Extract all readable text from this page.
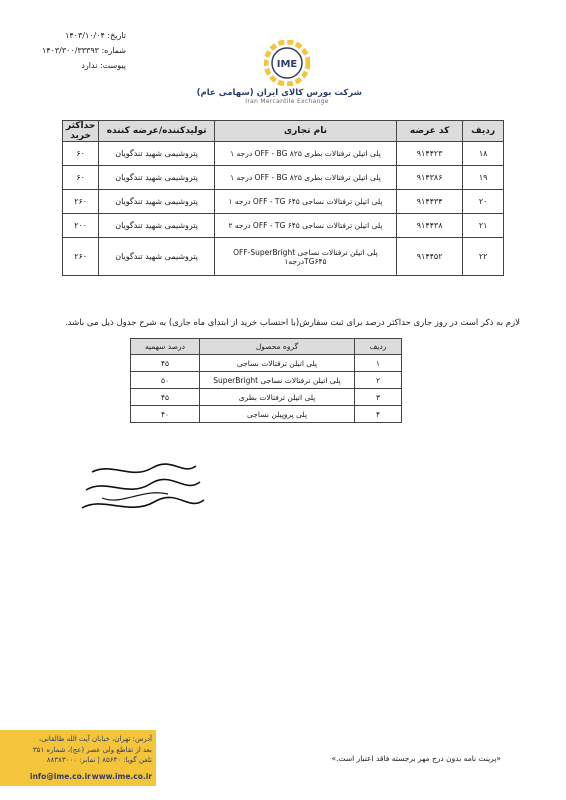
تاریخ: ۱۴۰۳/۱۰/۰۴
شماره: ۱۴۰۳/۳۰۰/۳۳۳۹۳
پیوست: ندارد	IME
شرکت بورس کالای ایران (سهامی عام)
Iran Mercantile Exchange
ردیف	کد عرضه	نام تجاری	تولیدکننده/عرضه کننده	حداکثر خرید
۱۸	۹۱۴۴۲۳	پلی اتیلن ترفتالات بطری OFF - BG ۸۲۵ درجه ۱	پتروشیمی شهید تندگویان	۶۰
۱۹	۹۱۴۳۸۶	پلی اتیلن ترفتالات بطری OFF - BG ۸۲۵ درجه ۱	پتروشیمی شهید تندگویان	۶۰
۲۰	۹۱۴۴۳۴	پلی اتیلن ترفتالات نساجی OFF - TG ۶۴۵ درجه ۱	پتروشیمی شهید تندگویان	۲۶۰
۲۱	۹۱۴۴۳۸	پلی اتیلن ترفتالات نساجی OFF - TG ۶۴۵ درجه ۲	پتروشیمی شهید تندگویان	۲۰۰
۲۲	۹۱۴۴۵۲	پلی اتیلن ترفتالات نساجی OFF-SuperBright TG۶۴۵درجه۱	پتروشیمی شهید تندگویان	۲۶۰
لازم به ذکر است در روز جاری حداکثر درصد برای ثبت سفارش(با احتساب خرید از ابتدای ماه جاری) به شرح جدول ذیل می باشد.
ردیف	گروه محصول	درصد سهمیه
۱	پلی اتیلن ترفتالات نساجی	۴۵
۲	پلی اتیلن ترفتالات نساجی SuperBright	۵۰
۳	پلی اتیلن ترفتالات بطری	۴۵
۴	پلی پروپیلن نساجی	۴۰
«پرینت نامه بدون درج مهر برجسته فاقد اعتبار است.»
آدرس: تهران، خیابان آیت الله طالقانی،
بعد از تقاطع ولی عصر (عج)، شماره ۳۵۱
تلفن گویا: ۸۵۶۴۰ | نمابر: ۸۸۳۸۳۰۰۰
info@ime.co.ir www.ime.co.ir
